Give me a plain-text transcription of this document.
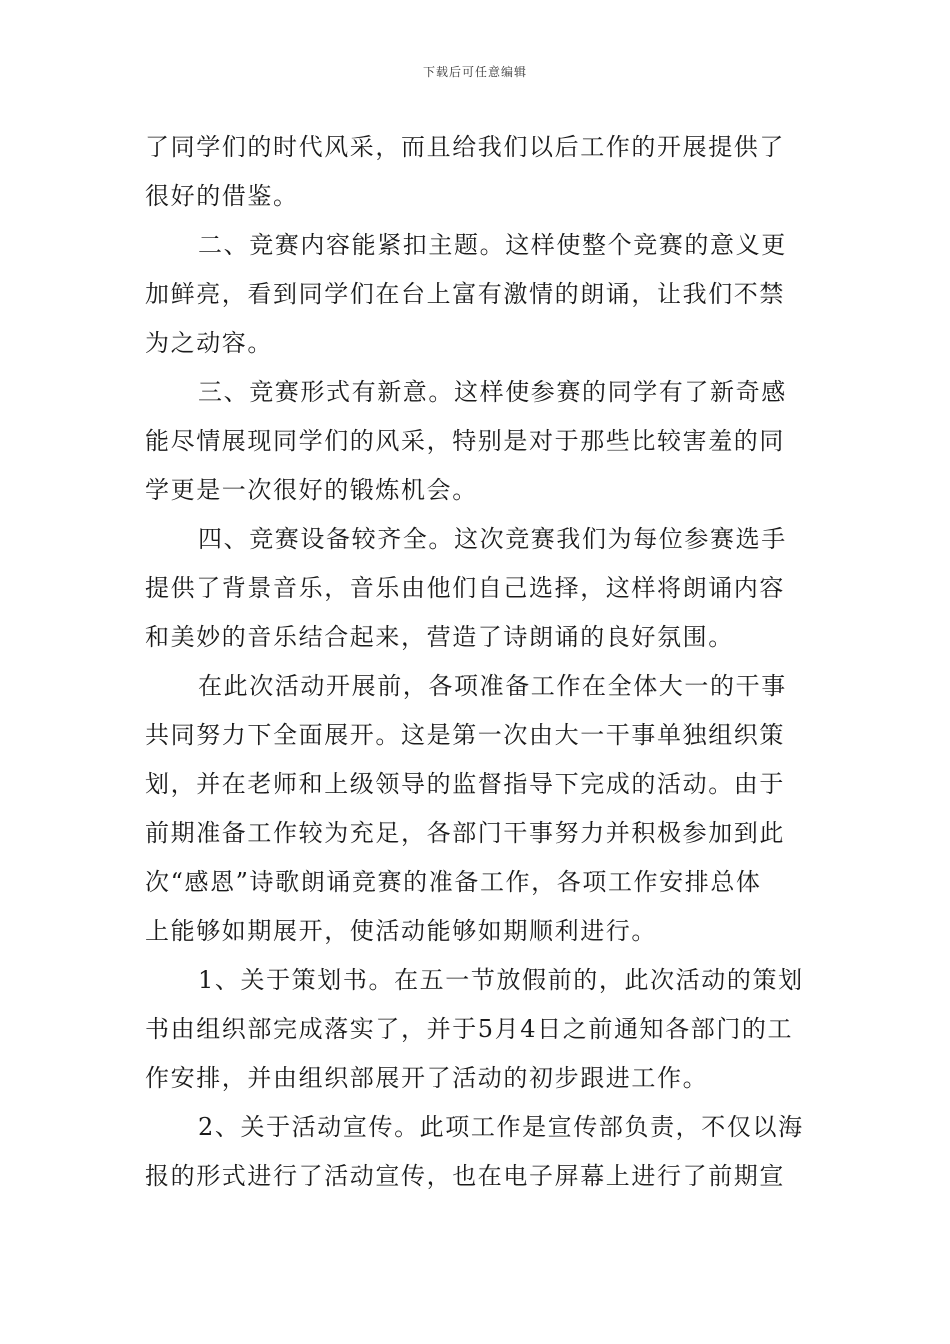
下载后可任意编辑
了同学们的时代风采，而且给我们以后工作的开展提供了
很好的借鉴。
二、竞赛内容能紧扣主题。这样使整个竞赛的意义更
加鲜亮，看到同学们在台上富有激情的朗诵，让我们不禁
为之动容。
三、竞赛形式有新意。这样使参赛的同学有了新奇感
能尽情展现同学们的风采，特别是对于那些比较害羞的同
学更是一次很好的锻炼机会。
四、竞赛设备较齐全。这次竞赛我们为每位参赛选手
提供了背景音乐，音乐由他们自己选择，这样将朗诵内容
和美妙的音乐结合起来，营造了诗朗诵的良好氛围。
在此次活动开展前，各项准备工作在全体大一的干事
共同努力下全面展开。这是第一次由大一干事单独组织策
划，并在老师和上级领导的监督指导下完成的活动。由于
前期准备工作较为充足，各部门干事努力并积极参加到此
次“感恩”诗歌朗诵竞赛的准备工作，各项工作安排总体
上能够如期展开，使活动能够如期顺利进行。
1、关于策划书。在五一节放假前的，此次活动的策划
书由组织部完成落实了，并于5月4日之前通知各部门的工
作安排，并由组织部展开了活动的初步跟进工作。
2、关于活动宣传。此项工作是宣传部负责，不仅以海
报的形式进行了活动宣传，也在电子屏幕上进行了前期宣
